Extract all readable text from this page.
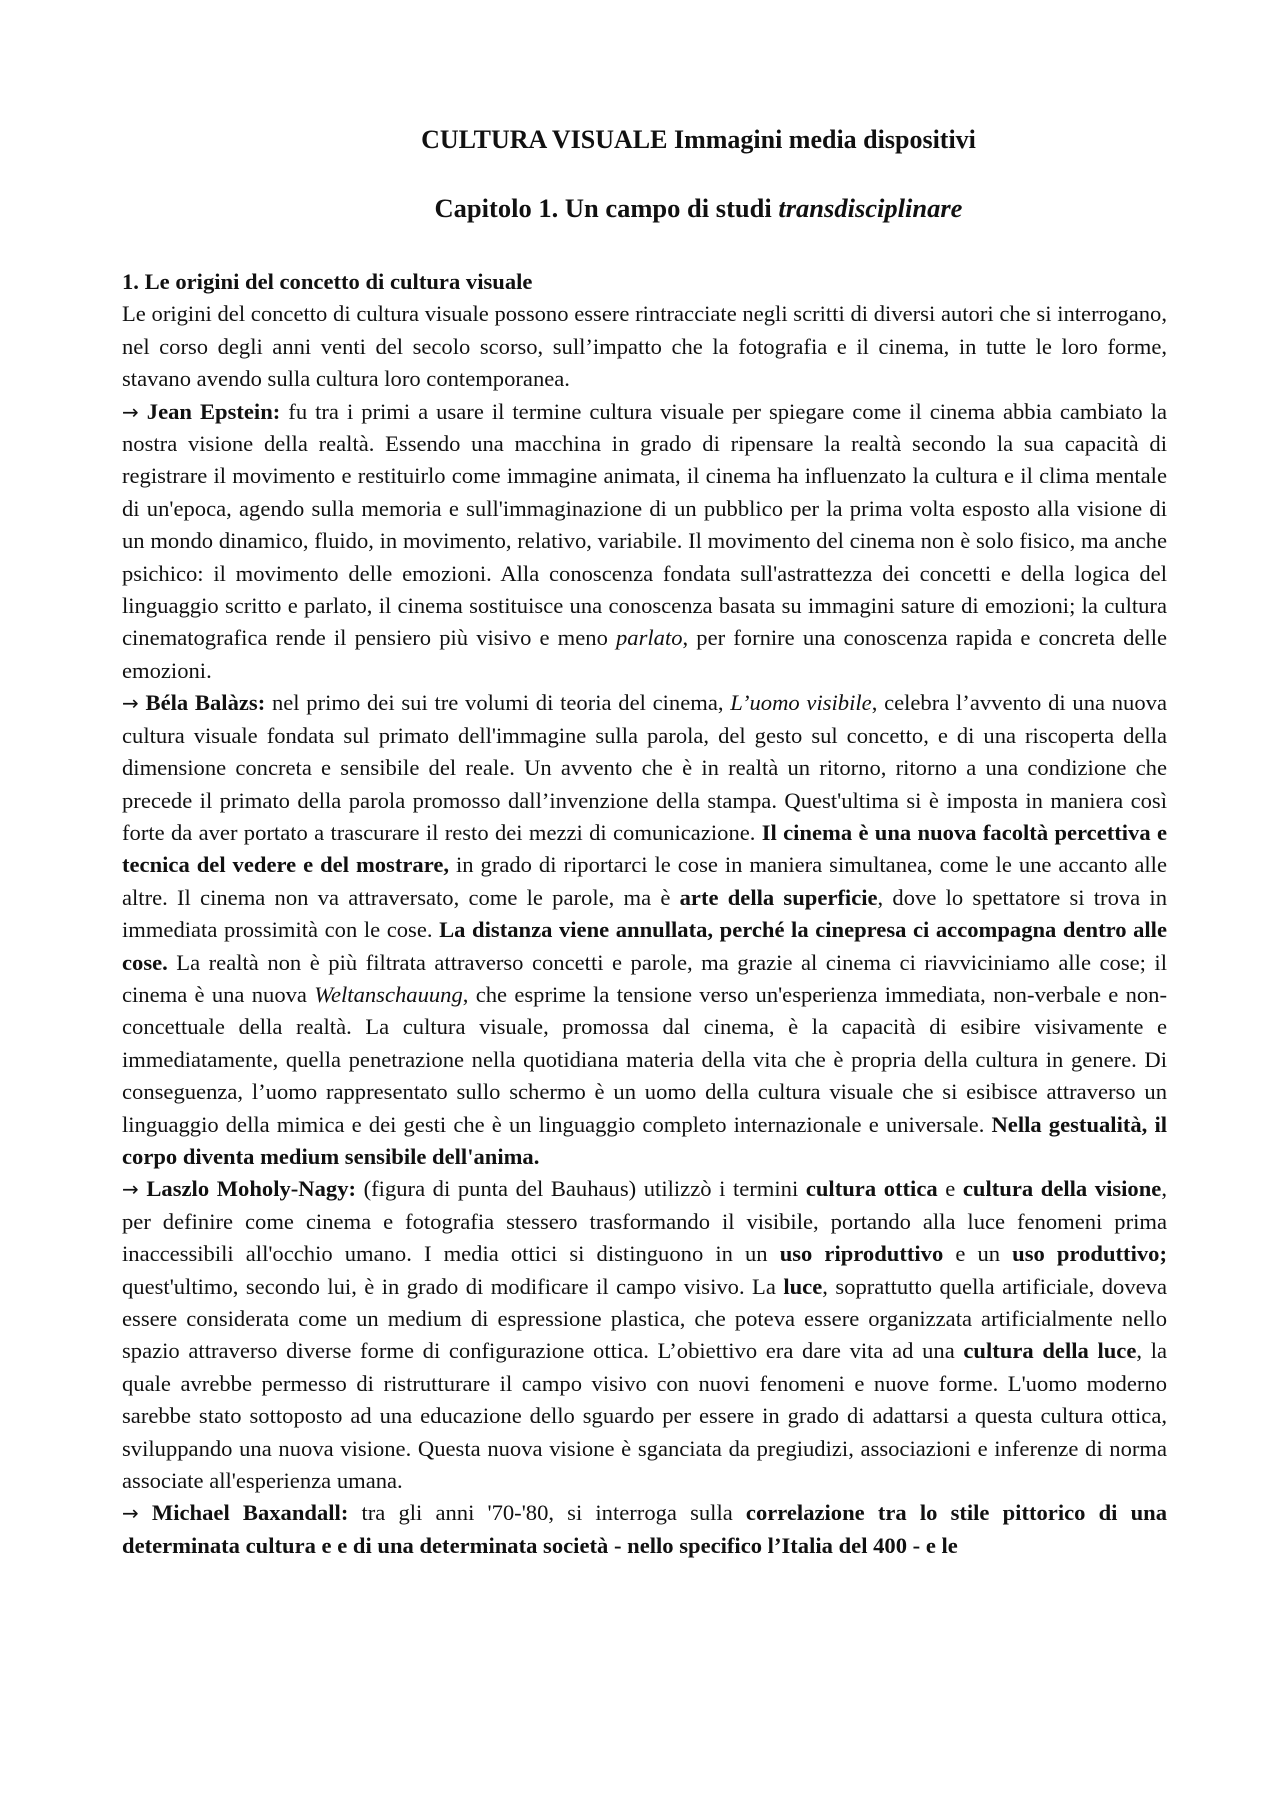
CULTURA VISUALE Immagini media dispositivi
Capitolo 1. Un campo di studi transdisciplinare
1. Le origini del concetto di cultura visuale

Le origini del concetto di cultura visuale possono essere rintracciate negli scritti di diversi autori che si interrogano, nel corso degli anni venti del secolo scorso, sull’impatto che la fotografia e il cinema, in tutte le loro forme, stavano avendo sulla cultura loro contemporanea.

→ Jean Epstein: fu tra i primi a usare il termine cultura visuale per spiegare come il cinema abbia cambiato la nostra visione della realtà. Essendo una macchina in grado di ripensare la realtà secondo la sua capacità di registrare il movimento e restituirlo come immagine animata, il cinema ha influenzato la cultura e il clima mentale di un'epoca, agendo sulla memoria e sull'immaginazione di un pubblico per la prima volta esposto alla visione di un mondo dinamico, fluido, in movimento, relativo, variabile. Il movimento del cinema non è solo fisico, ma anche psichico: il movimento delle emozioni. Alla conoscenza fondata sull'astrattezza dei concetti e della logica del linguaggio scritto e parlato, il cinema sostituisce una conoscenza basata su immagini sature di emozioni; la cultura cinematografica rende il pensiero più visivo e meno parlato, per fornire una conoscenza rapida e concreta delle emozioni.

→ Béla Balàzs: nel primo dei sui tre volumi di teoria del cinema, L’uomo visibile, celebra l’avvento di una nuova cultura visuale fondata sul primato dell'immagine sulla parola, del gesto sul concetto, e di una riscoperta della dimensione concreta e sensibile del reale. Un avvento che è in realtà un ritorno, ritorno a una condizione che precede il primato della parola promosso dall’invenzione della stampa. Quest'ultima si è imposta in maniera così forte da aver portato a trascurare il resto dei mezzi di comunicazione. Il cinema è una nuova facoltà percettiva e tecnica del vedere e del mostrare, in grado di riportarci le cose in maniera simultanea, come le une accanto alle altre. Il cinema non va attraversato, come le parole, ma è arte della superficie, dove lo spettatore si trova in immediata prossimità con le cose. La distanza viene annullata, perché la cinepresa ci accompagna dentro alle cose. La realtà non è più filtrata attraverso concetti e parole, ma grazie al cinema ci riavviciniamo alle cose; il cinema è una nuova Weltanschauung, che esprime la tensione verso un'esperienza immediata, non-verbale e non-concettuale della realtà. La cultura visuale, promossa dal cinema, è la capacità di esibire visivamente e immediatamente, quella penetrazione nella quotidiana materia della vita che è propria della cultura in genere. Di conseguenza, l’uomo rappresentato sullo schermo è un uomo della cultura visuale che si esibisce attraverso un linguaggio della mimica e dei gesti che è un linguaggio completo internazionale e universale. Nella gestualità, il corpo diventa medium sensibile dell'anima.

→ Laszlo Moholy-Nagy: (figura di punta del Bauhaus) utilizzò i termini cultura ottica e cultura della visione, per definire come cinema e fotografia stessero trasformando il visibile, portando alla luce fenomeni prima inaccessibili all'occhio umano. I media ottici si distinguono in un uso riproduttivo e un uso produttivo; quest'ultimo, secondo lui, è in grado di modificare il campo visivo. La luce, soprattutto quella artificiale, doveva essere considerata come un medium di espressione plastica, che poteva essere organizzata artificialmente nello spazio attraverso diverse forme di configurazione ottica. L’obiettivo era dare vita ad una cultura della luce, la quale avrebbe permesso di ristrutturare il campo visivo con nuovi fenomeni e nuove forme. L'uomo moderno sarebbe stato sottoposto ad una educazione dello sguardo per essere in grado di adattarsi a questa cultura ottica, sviluppando una nuova visione. Questa nuova visione è sganciata da pregiudizi, associazioni e inferenze di norma associate all'esperienza umana.

→ Michael Baxandall: tra gli anni '70-'80, si interroga sulla correlazione tra lo stile pittorico di una determinata cultura e e di una determinata società - nello specifico l’Italia del 400 - e le
